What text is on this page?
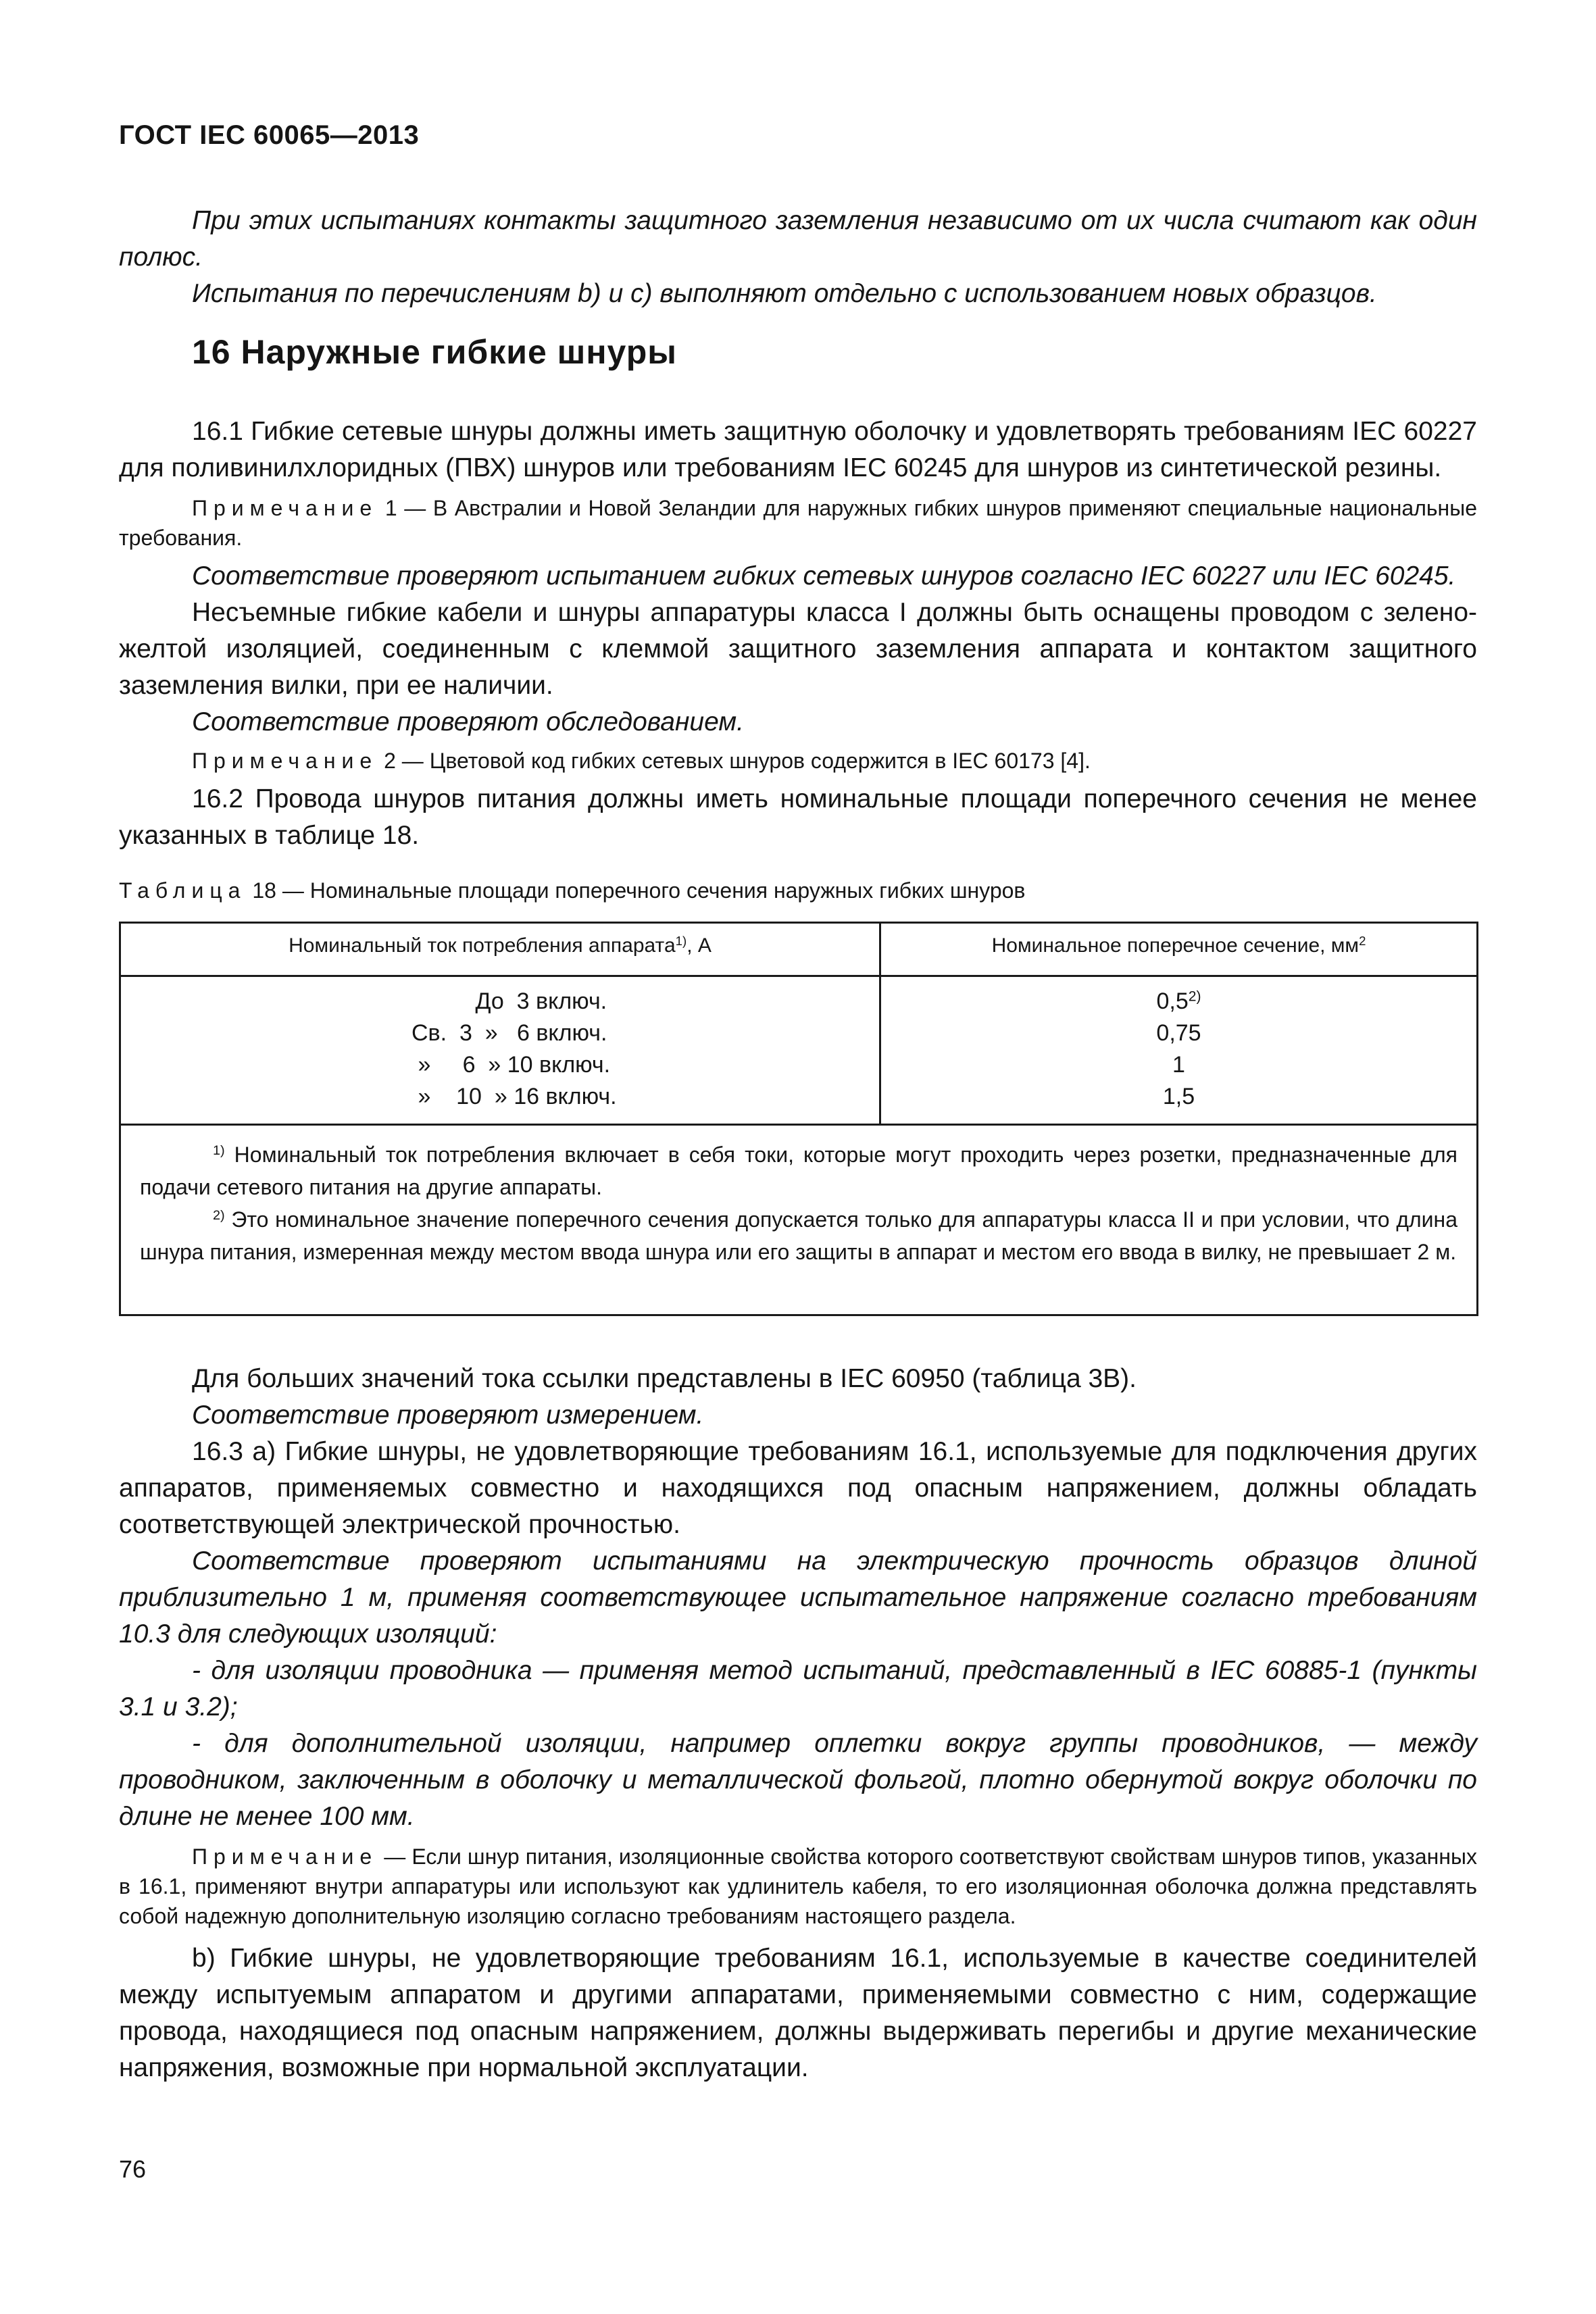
ГОСТ IEC 60065—2013

При этих испытаниях контакты защитного заземления независимо от их числа считают как один полюс.

Испытания по перечислениям b) и c) выполняют отдельно с использованием новых образцов.

16 Наружные гибкие шнуры

16.1 Гибкие сетевые шнуры должны иметь защитную оболочку и удовлетворять требованиям IEC 60227 для поливинилхлоридных (ПВХ) шнуров или требованиям IEC 60245 для шнуров из синтетической резины.

Примечание 1 — В Австралии и Новой Зеландии для наружных гибких шнуров применяют специальные национальные требования.

Соответствие проверяют испытанием гибких сетевых шнуров согласно IEC 60227 или IEC 60245.

Несъемные гибкие кабели и шнуры аппаратуры класса I должны быть оснащены проводом с зелено-желтой изоляцией, соединенным с клеммой защитного заземления аппарата и контактом защитного заземления вилки, при ее наличии.

Соответствие проверяют обследованием.

Примечание 2 — Цветовой код гибких сетевых шнуров содержится в IEC 60173 [4].

16.2 Провода шнуров питания должны иметь номинальные площади поперечного сечения не менее указанных в таблице 18.

Таблица 18 — Номинальные площади поперечного сечения наружных гибких шнуров
Номинальный ток потребления аппарата$^{1)}$, А	Номинальное поперечное сечение, $мм^2$
До  3 включ.
Св.  3  »   6 включ.
»     6  » 10 включ.
»    10  » 16 включ.
0,5$^{2)}$
0,75
1
1,5

$^{1)}$ Номинальный ток потребления включает в себя токи, которые могут проходить через розетки, предназначенные для подачи сетевого питания на другие аппараты.

$^{2)}$ Это номинальное значение поперечного сечения допускается только для аппаратуры класса II и при условии, что длина шнура питания, измеренная между местом ввода шнура или его защиты в аппарат и местом его ввода в вилку, не превышает 2 м.

Для больших значений тока ссылки представлены в IEC 60950 (таблица 3B).

Соответствие проверяют измерением.

16.3 а) Гибкие шнуры, не удовлетворяющие требованиям 16.1, используемые для подключения других аппаратов, применяемых совместно и находящихся под опасным напряжением, должны обладать соответствующей электрической прочностью.

Соответствие проверяют испытаниями на электрическую прочность образцов длиной приблизительно 1 м, применяя соответствующее испытательное напряжение согласно требованиям 10.3 для следующих изоляций:

- для изоляции проводника — применяя метод испытаний, представленный в IEC 60885-1 (пункты 3.1 и 3.2);

- для дополнительной изоляции, например оплетки вокруг группы проводников, — между проводником, заключенным в оболочку и металлической фольгой, плотно обернутой вокруг оболочки по длине не менее 100 мм.

Примечание — Если шнур питания, изоляционные свойства которого соответствуют свойствам шнуров типов, указанных в 16.1, применяют внутри аппаратуры или используют как удлинитель кабеля, то его изоляционная оболочка должна представлять собой надежную дополнительную изоляцию согласно требованиям настоящего раздела.

b) Гибкие шнуры, не удовлетворяющие требованиям 16.1, используемые в качестве соединителей между испытуемым аппаратом и другими аппаратами, применяемыми совместно с ним, содержащие провода, находящиеся под опасным напряжением, должны выдерживать перегибы и другие механические напряжения, возможные при нормальной эксплуатации.

76
